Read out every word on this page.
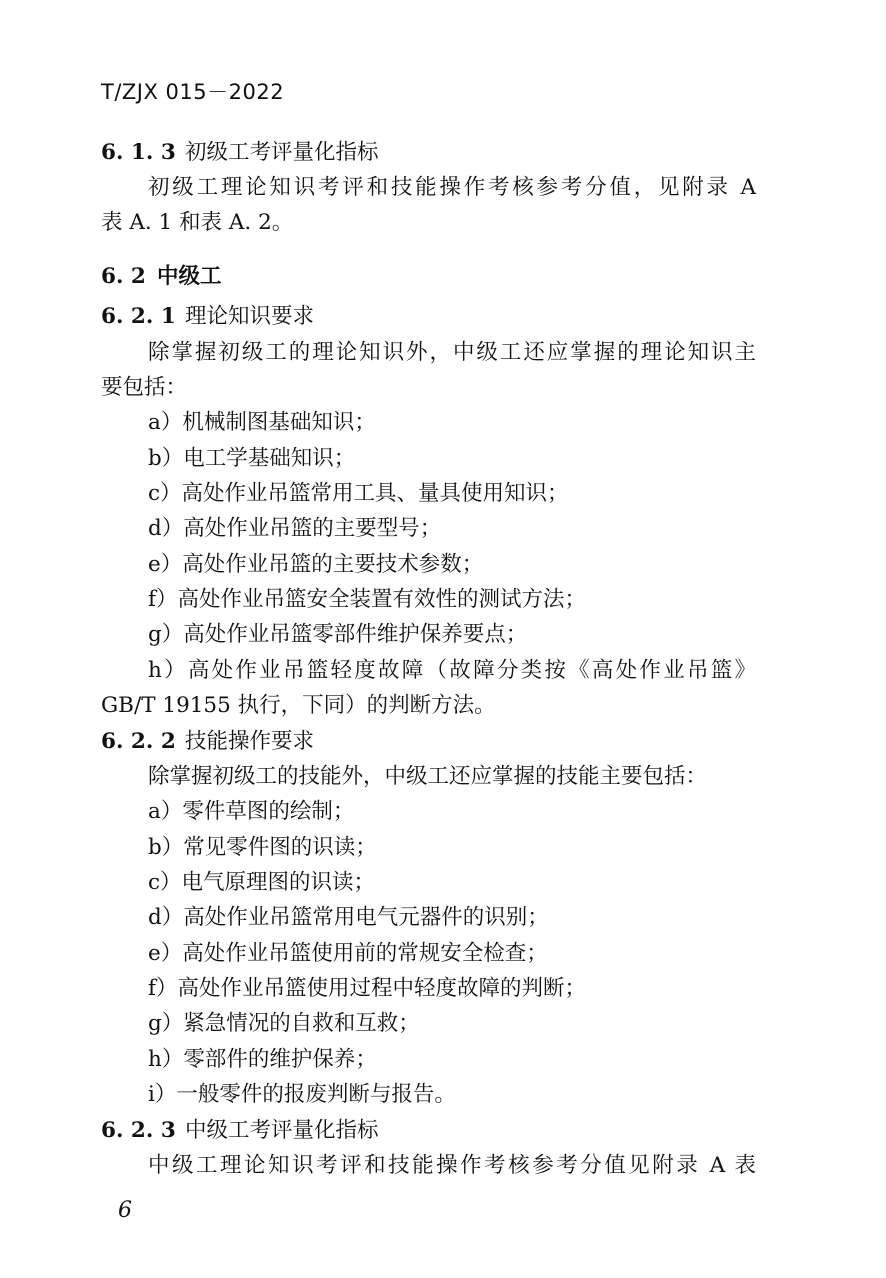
T/ZJX 015－2022
6. 1. 3 初级工考评量化指标
初级工理论知识考评和技能操作考核参考分值，见附录 A
表 A. 1 和表 A. 2。
6. 2 中级工
6. 2. 1 理论知识要求
除掌握初级工的理论知识外，中级工还应掌握的理论知识主
要包括：
a）机械制图基础知识；
b）电工学基础知识；
c）高处作业吊篮常用工具、量具使用知识；
d）高处作业吊篮的主要型号；
e）高处作业吊篮的主要技术参数；
f）高处作业吊篮安全装置有效性的测试方法；
g）高处作业吊篮零部件维护保养要点；
h）高处作业吊篮轻度故障（故障分类按《高处作业吊篮》
GB/T 19155 执行，下同）的判断方法。
6. 2. 2 技能操作要求
除掌握初级工的技能外，中级工还应掌握的技能主要包括：
a）零件草图的绘制；
b）常见零件图的识读；
c）电气原理图的识读；
d）高处作业吊篮常用电气元器件的识别；
e）高处作业吊篮使用前的常规安全检查；
f）高处作业吊篮使用过程中轻度故障的判断；
g）紧急情况的自救和互救；
h）零部件的维护保养；
i）一般零件的报废判断与报告。
6. 2. 3 中级工考评量化指标
中级工理论知识考评和技能操作考核参考分值见附录 A 表
6
